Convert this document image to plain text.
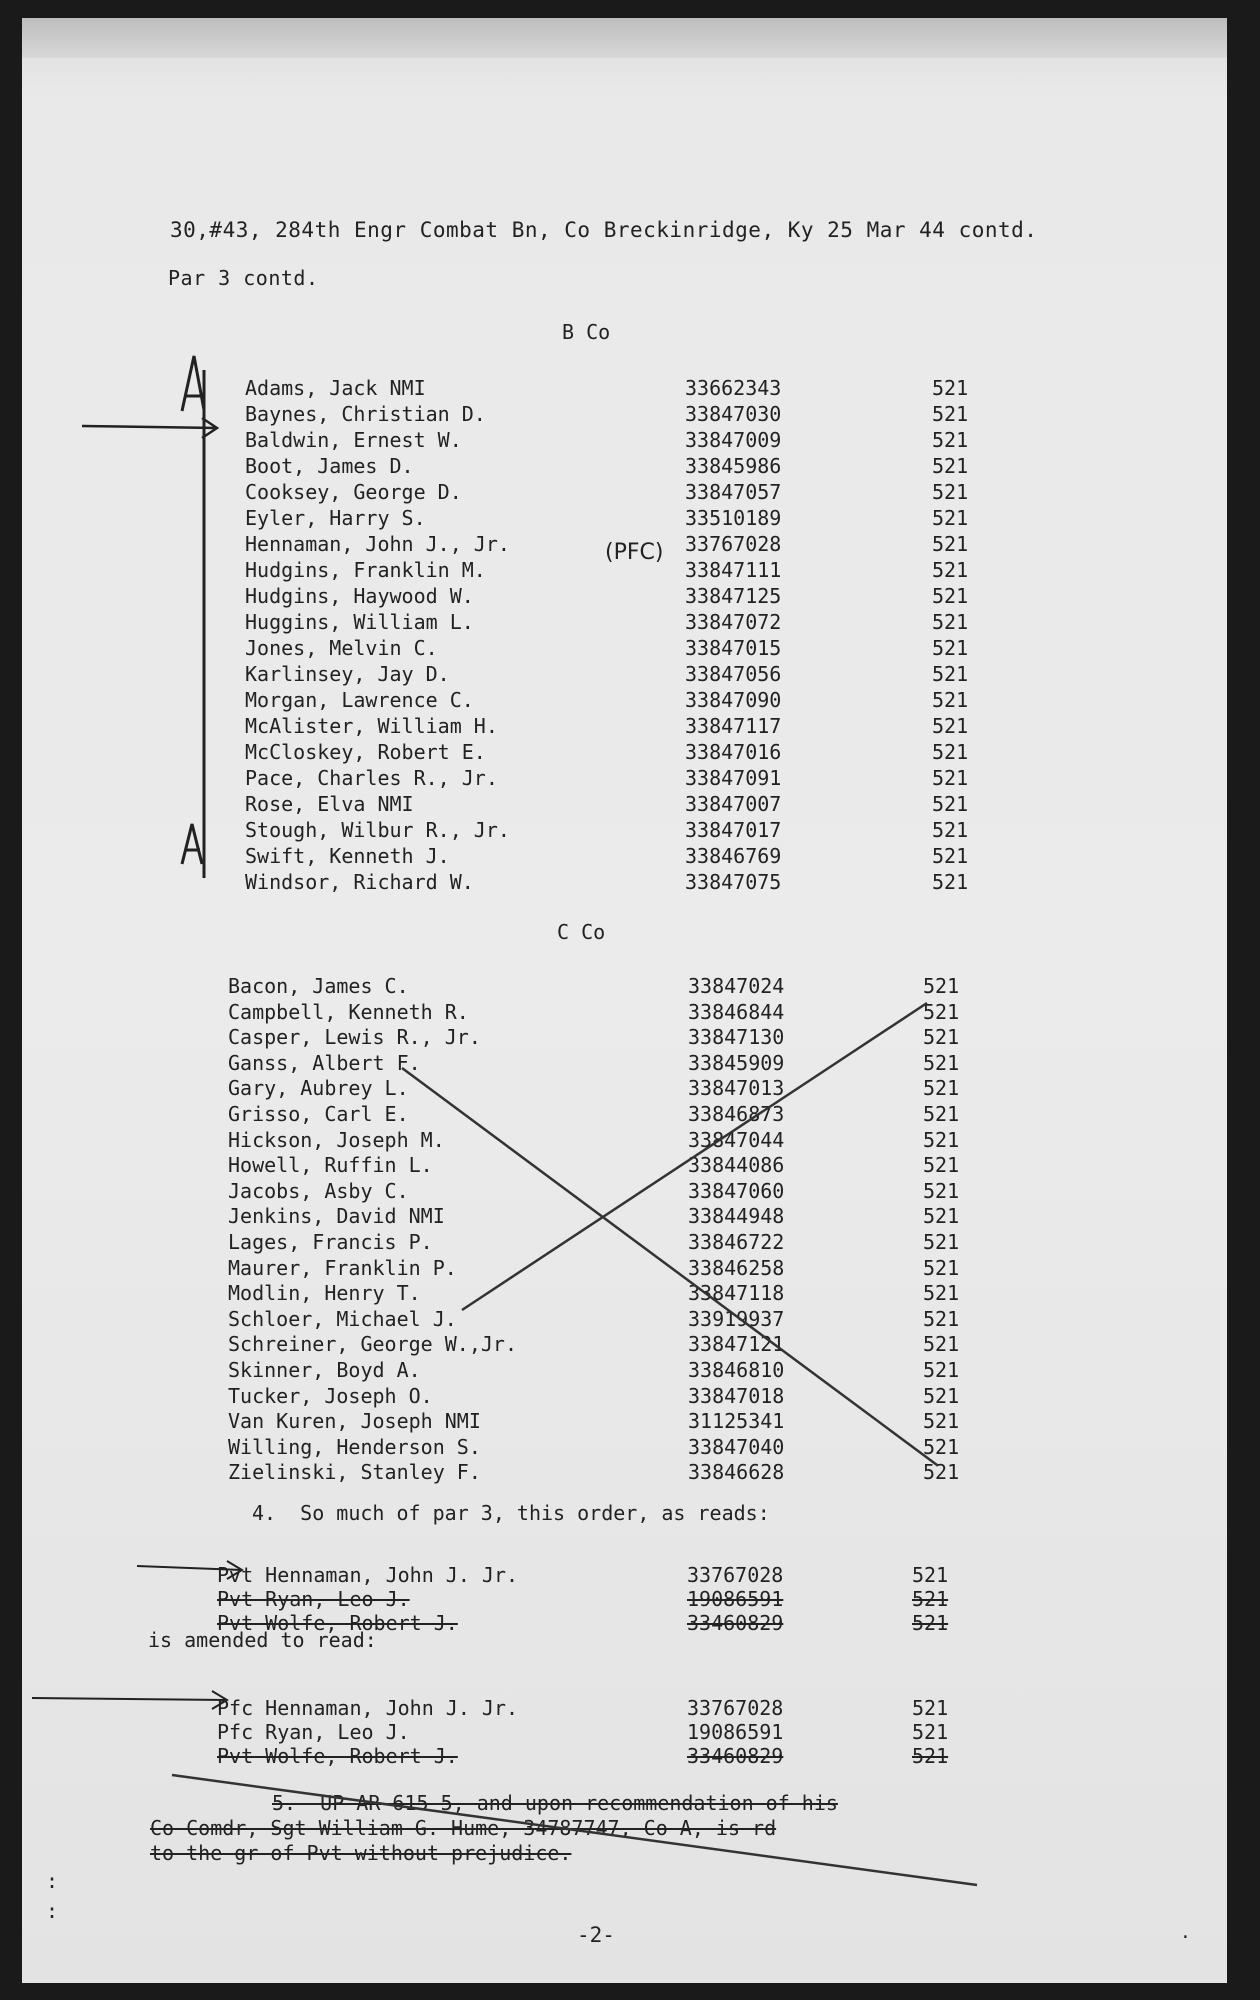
30,#43, 284th Engr Combat Bn, Co Breckinridge, Ky 25 Mar 44 contd.
Par 3 contd.
B Co
Adams, Jack NMI	33662343	521
Baynes, Christian D.	33847030	521
Baldwin, Ernest W.	33847009	521
Boot, James D.	33845986	521
Cooksey, George D.	33847057	521
Eyler, Harry S.	33510189	521
Hennaman, John J., Jr.	33767028	521
Hudgins, Franklin M.	33847111	521
Hudgins, Haywood W.	33847125	521
Huggins, William L.	33847072	521
Jones, Melvin C.	33847015	521
Karlinsey, Jay D.	33847056	521
Morgan, Lawrence C.	33847090	521
McAlister, William H.	33847117	521
McCloskey, Robert E.	33847016	521
Pace, Charles R., Jr.	33847091	521
Rose, Elva NMI	33847007	521
Stough, Wilbur R., Jr.	33847017	521
Swift, Kenneth J.	33846769	521
Windsor, Richard W.	33847075	521
C Co
Bacon, James C.	33847024	521
Campbell, Kenneth R.	33846844	521
Casper, Lewis R., Jr.	33847130	521
Ganss, Albert F.	33845909	521
Gary, Aubrey L.	33847013	521
Grisso, Carl E.	33846873	521
Hickson, Joseph M.	33847044	521
Howell, Ruffin L.	33844086	521
Jacobs, Asby C.	33847060	521
Jenkins, David NMI	33844948	521
Lages, Francis P.	33846722	521
Maurer, Franklin P.	33846258	521
Modlin, Henry T.	33847118	521
Schloer, Michael J.	33919937	521
Schreiner, George W.,Jr.	33847121	521
Skinner, Boyd A.	33846810	521
Tucker, Joseph O.	33847018	521
Van Kuren, Joseph NMI	31125341	521
Willing, Henderson S.	33847040	521
Zielinski, Stanley F.	33846628	521
4.  So much of par 3, this order, as reads:
Pvt Hennaman, John J. Jr.	33767028	521
Pvt Ryan, Leo J.	19086591	521
Pvt Wolfe, Robert J.	33460829	521
is amended to read:
Pfc Hennaman, John J. Jr.	33767028	521
Pfc Ryan, Leo J.	19086591	521
Pvt Wolfe, Robert J.	33460829	521
5.  UP AR 615-5, and upon recommendation of his
Co Comdr, Sgt William G. Hume, 34787747, Co A, is rd
to the gr of Pvt without prejudice.
-2-
:
:
.
(PFC)
